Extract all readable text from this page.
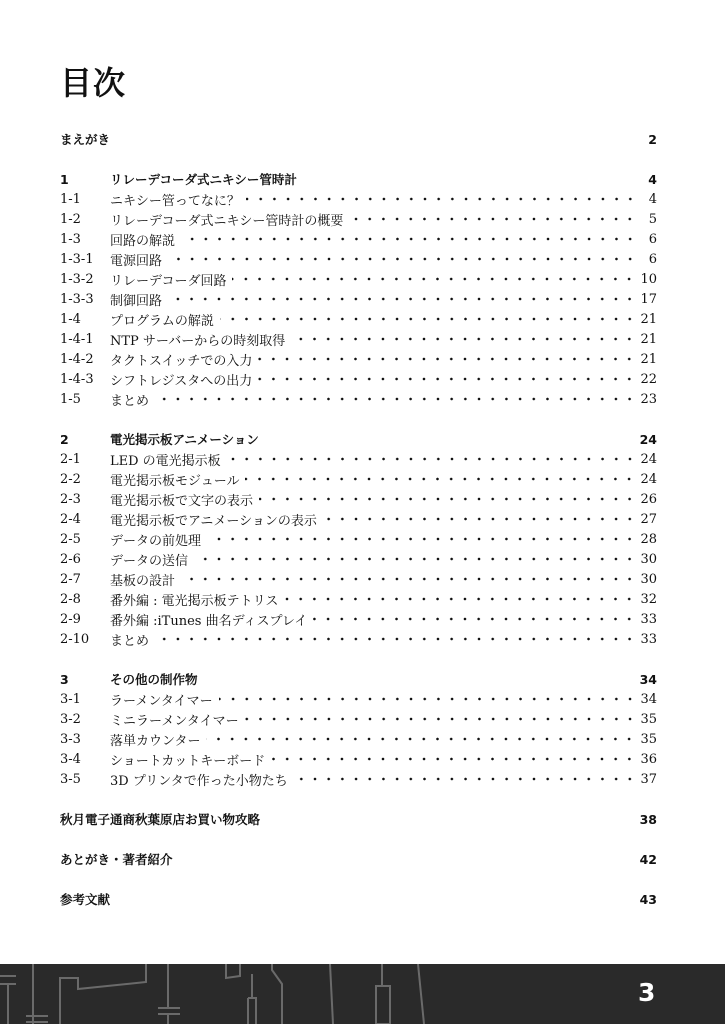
目次
まえがき	2
1	リレーデコーダ式ニキシー管時計	4
1-1	ニキシー管ってなに？	4
1-2	リレーデコーダ式ニキシー管時計の概要	5
1-3	回路の解説	6
1-3-1	電源回路	6
1-3-2	リレーデコーダ回路	10
1-3-3	制御回路	17
1-4	プログラムの解説	21
1-4-1	NTP サーバーからの時刻取得	21
1-4-2	タクトスイッチでの入力	21
1-4-3	シフトレジスタへの出力	22
1-5	まとめ	23
2	電光掲示板アニメーション	24
2-1	LED の電光掲示板	24
2-2	電光掲示板モジュール	24
2-3	電光掲示板で文字の表示	26
2-4	電光掲示板でアニメーションの表示	27
2-5	データの前処理	28
2-6	データの送信	30
2-7	基板の設計	30
2-8	番外編 : 電光掲示板テトリス	32
2-9	番外編 :iTunes 曲名ディスプレイ	33
2-10	まとめ	33
3	その他の制作物	34
3-1	ラーメンタイマー	34
3-2	ミニラーメンタイマー	35
3-3	落単カウンター	35
3-4	ショートカットキーボード	36
3-5	3D プリンタで作った小物たち	37
秋月電子通商秋葉原店お買い物攻略	38
あとがき・著者紹介	42
参考文献	43
3
